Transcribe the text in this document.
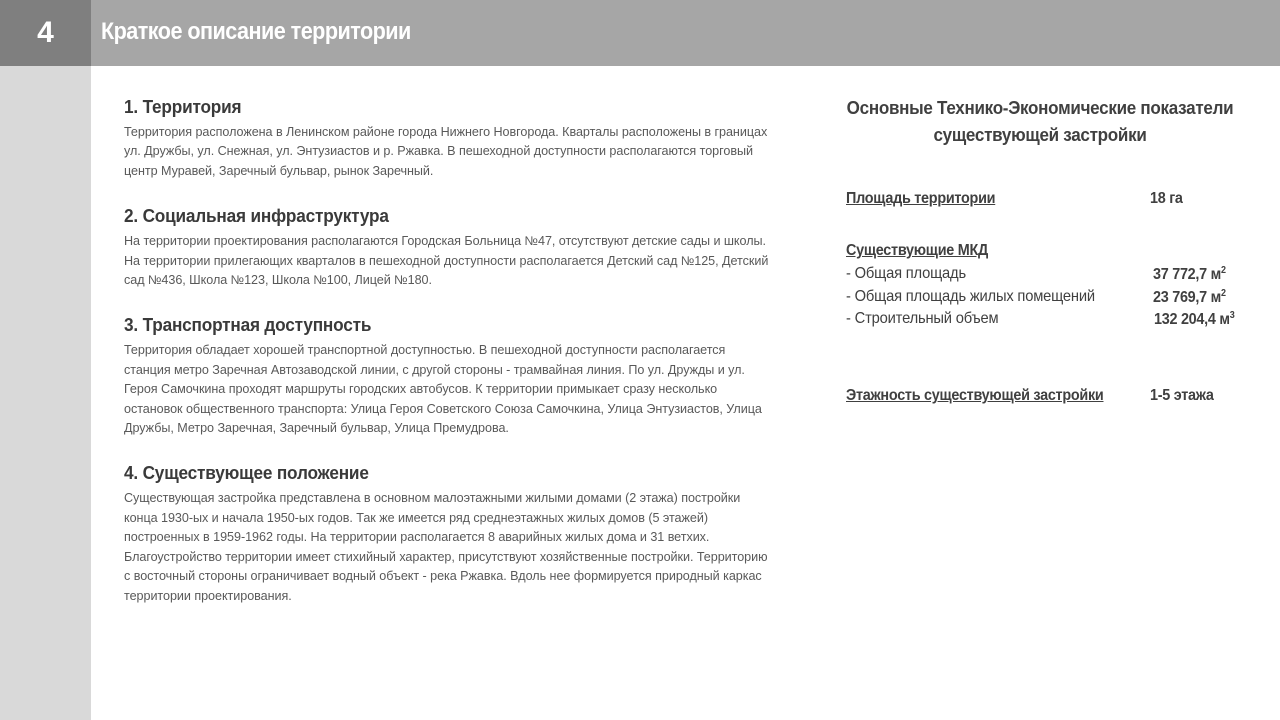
4 Краткое описание территории
1. Территория

Территория расположена в Ленинском районе города Нижнего Новгорода. Кварталы расположены в границах ул. Дружбы, ул. Снежная, ул. Энтузиастов и р. Ржавка. В пешеходной доступности располагаются торговый центр Муравей, Заречный бульвар, рынок Заречный.

2. Социальная инфраструктура

На территории проектирования располагаются Городская Больница №47, отсутствуют детские сады и школы. На территории прилегающих кварталов в пешеходной доступности располагается Детский сад №125, Детский сад №436, Школа №123, Школа №100, Лицей №180.

3. Транспортная доступность

Территория обладает хорошей транспортной доступностью. В пешеходной доступности располагается станция метро Заречная Автозаводской линии, с другой стороны - трамвайная линия. По ул. Дружды и ул. Героя Самочкина проходят маршруты городских автобусов. К территории примыкает сразу несколько остановок общественного транспорта: Улица Героя Советского Союза Самочкина, Улица Энтузиастов, Улица Дружбы, Метро Заречная, Заречный бульвар, Улица Премудрова.

4. Существующее положение

Существующая застройка представлена в основном малоэтажными жилыми домами (2 этажа) постройки конца 1930-ых и начала 1950-ых годов. Так же имеется ряд среднеэтажных жилых домов (5 этажей) построенных в 1959-1962 годы. На территории располагается 8 аварийных жилых дома и 31 ветхих. Благоустройство территории имеет стихийный характер, присутствуют хозяйственные постройки. Территорию с восточный стороны ограничивает водный объект - река Ржавка. Вдоль нее формируется природный каркас территории проектирования.

Основные Технико-Экономические показатели существующей застройки
Площадь территории	18 га
Существующие МКД
- Общая площадь	37 772,7 $м^2$
- Общая площадь жилых помещений	23 769,7 $м^2$
- Строительный объем	132 204,4 $м^3$
Этажность существующей застройки	1-5 этажа
